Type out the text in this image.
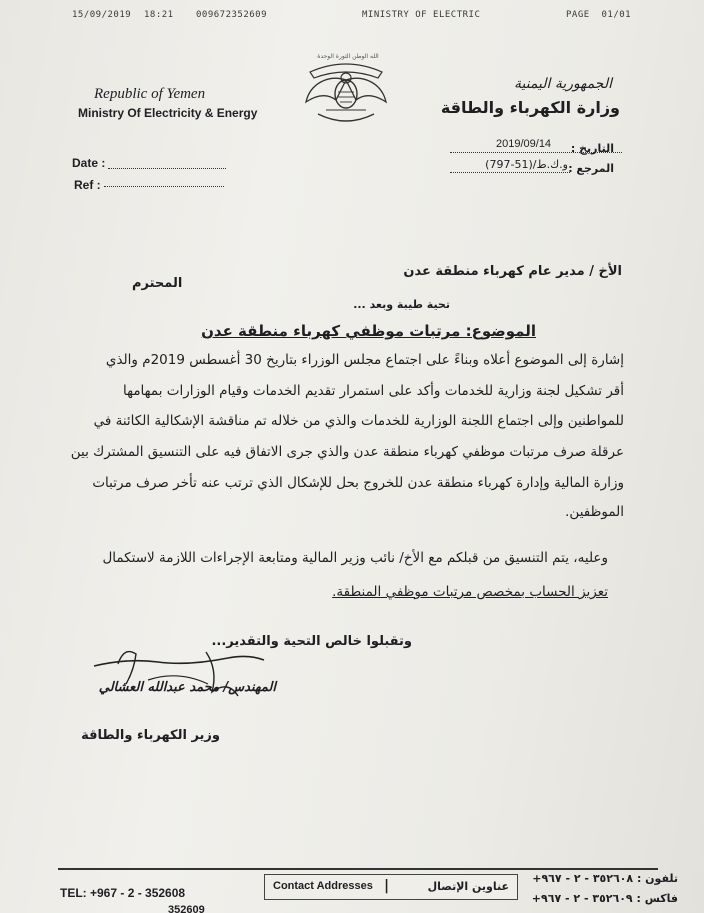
15/09/2019 18:21 009672352609	MINISTRY OF ELECTRIC	PAGE  01/01
Republic of Yemen
Ministry Of Electricity & Energy
الله الوطن الثورة الوحدة
الجمهورية اليمنية
وزارة الكهرباء والطاقة
Date :
Ref :
التاريخ :
2019/09/14
المرجع :
و.ك.ط/(51-797)
الأخ / مدير عام كهرباء منطقة عدن
المحترم
تحية طيبة وبعد ...
الموضوع: مرتبات موظفي كهرباء منطقة عدن
إشارة إلى الموضوع أعلاه وبناءً على اجتماع مجلس الوزراء بتاريخ 30 أغسطس 2019م والذي
أقر تشكيل لجنة وزارية للخدمات وأكد على استمرار تقديم الخدمات وقيام الوزارات بمهامها
للمواطنين وإلى اجتماع اللجنة الوزارية للخدمات والذي من خلاله تم مناقشة الإشكالية الكائنة في
عرقلة صرف مرتبات موظفي كهرباء منطقة عدن والذي جرى الاتفاق فيه على التنسيق المشترك بين
وزارة المالية وإدارة كهرباء منطقة عدن للخروج بحل للإشكال الذي ترتب عنه تأخر صرف مرتبات
الموظفين.
وعليه، يتم التنسيق من قبلكم مع الأخ/ نائب وزير المالية ومتابعة الإجراءات اللازمة لاستكمال
تعزيز الحساب بمخصص مرتبات موظفي المنطقة.
وتقبلوا خالص التحية والتقدير...
المهندس/ محمد عبدالله العشالي
وزير الكهرباء والطاقة
TEL: +967 - 2 - 352608
352609
Contact Addresses |	عناوين الإتصال
تلفون : ٣٥٢٦٠٨ - ٢ - ٩٦٧+
فاكس : ٣٥٢٦٠٩ - ٢ - ٩٦٧+
